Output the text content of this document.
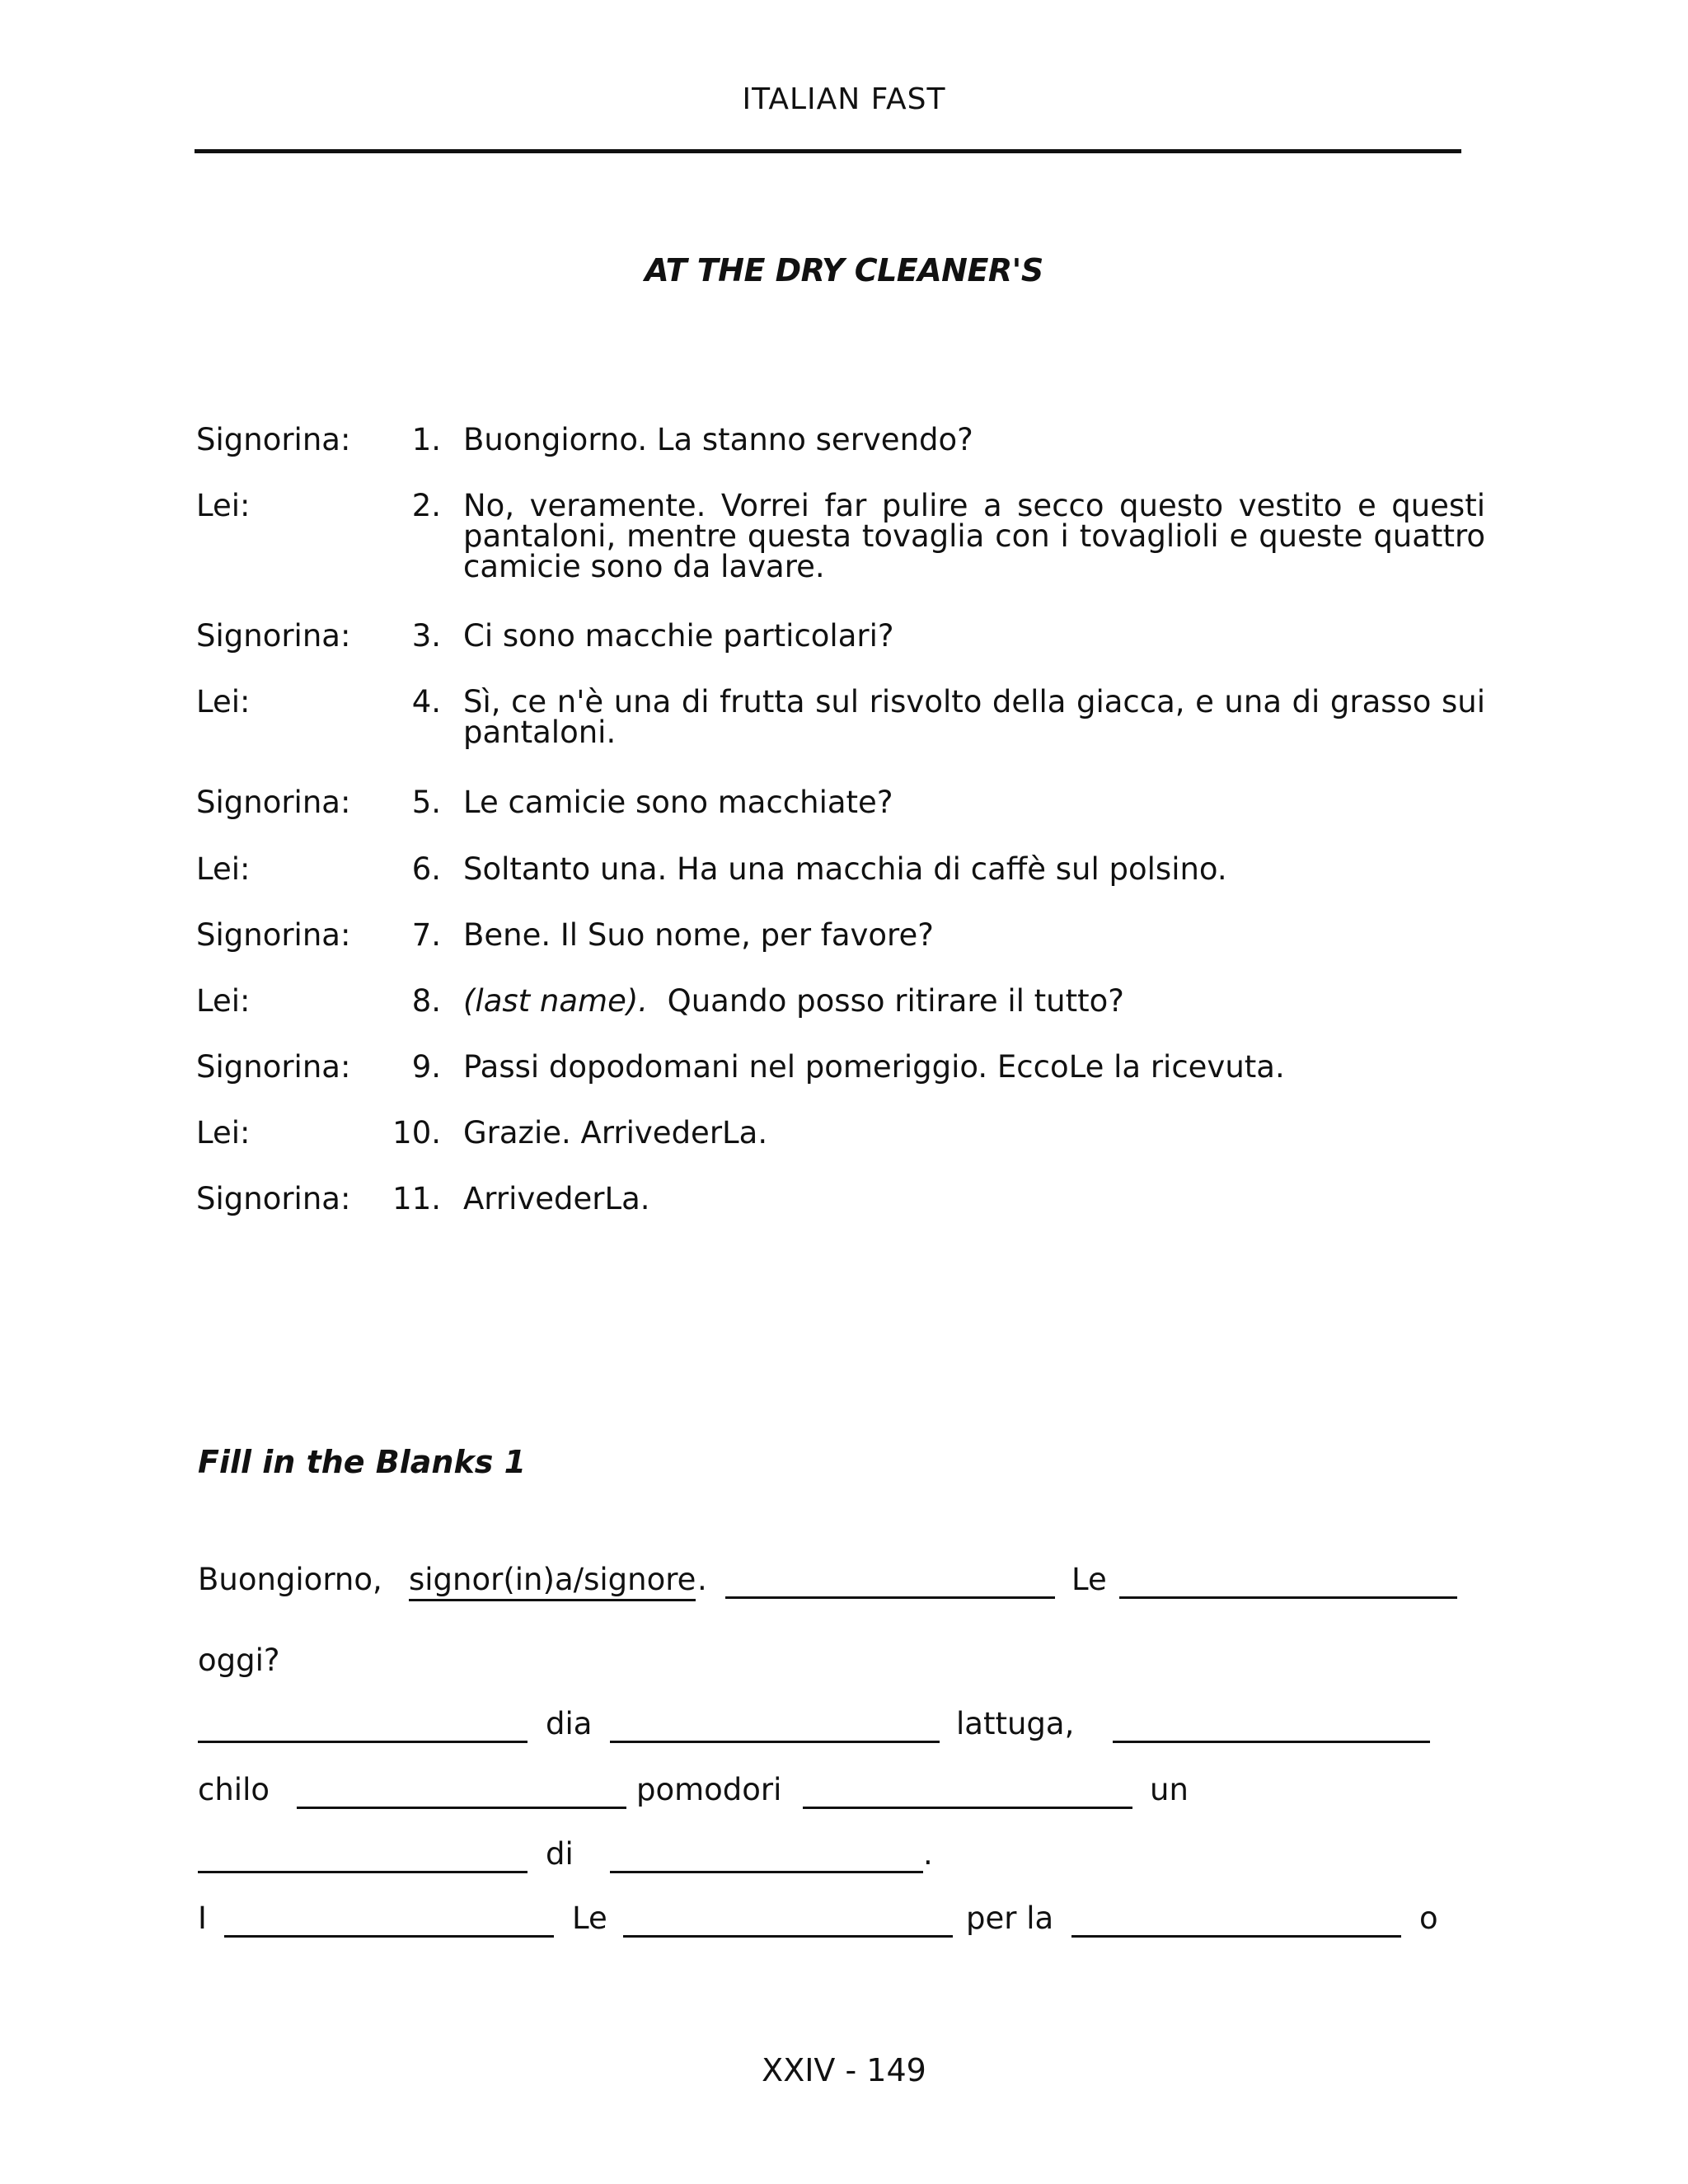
ITALIAN FAST
AT THE DRY CLEANER'S
Signorina:	1. Buongiorno. La stanno servendo?
Lei:	2. No, veramente. Vorrei far pulire a secco questo vestito e questi pantaloni, mentre questa tovaglia con i tovaglioli e queste quattro camicie sono da lavare.
Signorina:	3. Ci sono macchie particolari?
Lei:	4. Sì, ce n'è una di frutta sul risvolto della giacca, e una di grasso sui pantaloni.
Signorina:	5. Le camicie sono macchiate?
Lei:	6. Soltanto una. Ha una macchia di caffè sul polsino.
Signorina:	7. Bene. Il Suo nome, per favore?
Lei:	8. (last name). Quando posso ritirare il tutto?
Signorina:	9. Passi dopodomani nel pomeriggio. EccoLe la ricevuta.
Lei:	10. Grazie. ArrivederLa.
Signorina:	11. ArrivederLa.
Fill in the Blanks 1
Buongiorno, signor(in)a/signore .	Le
oggi?
dia	lattuga,
chilo	pomodori	un
di	.
I	Le	per la	o
XXIV - 149
